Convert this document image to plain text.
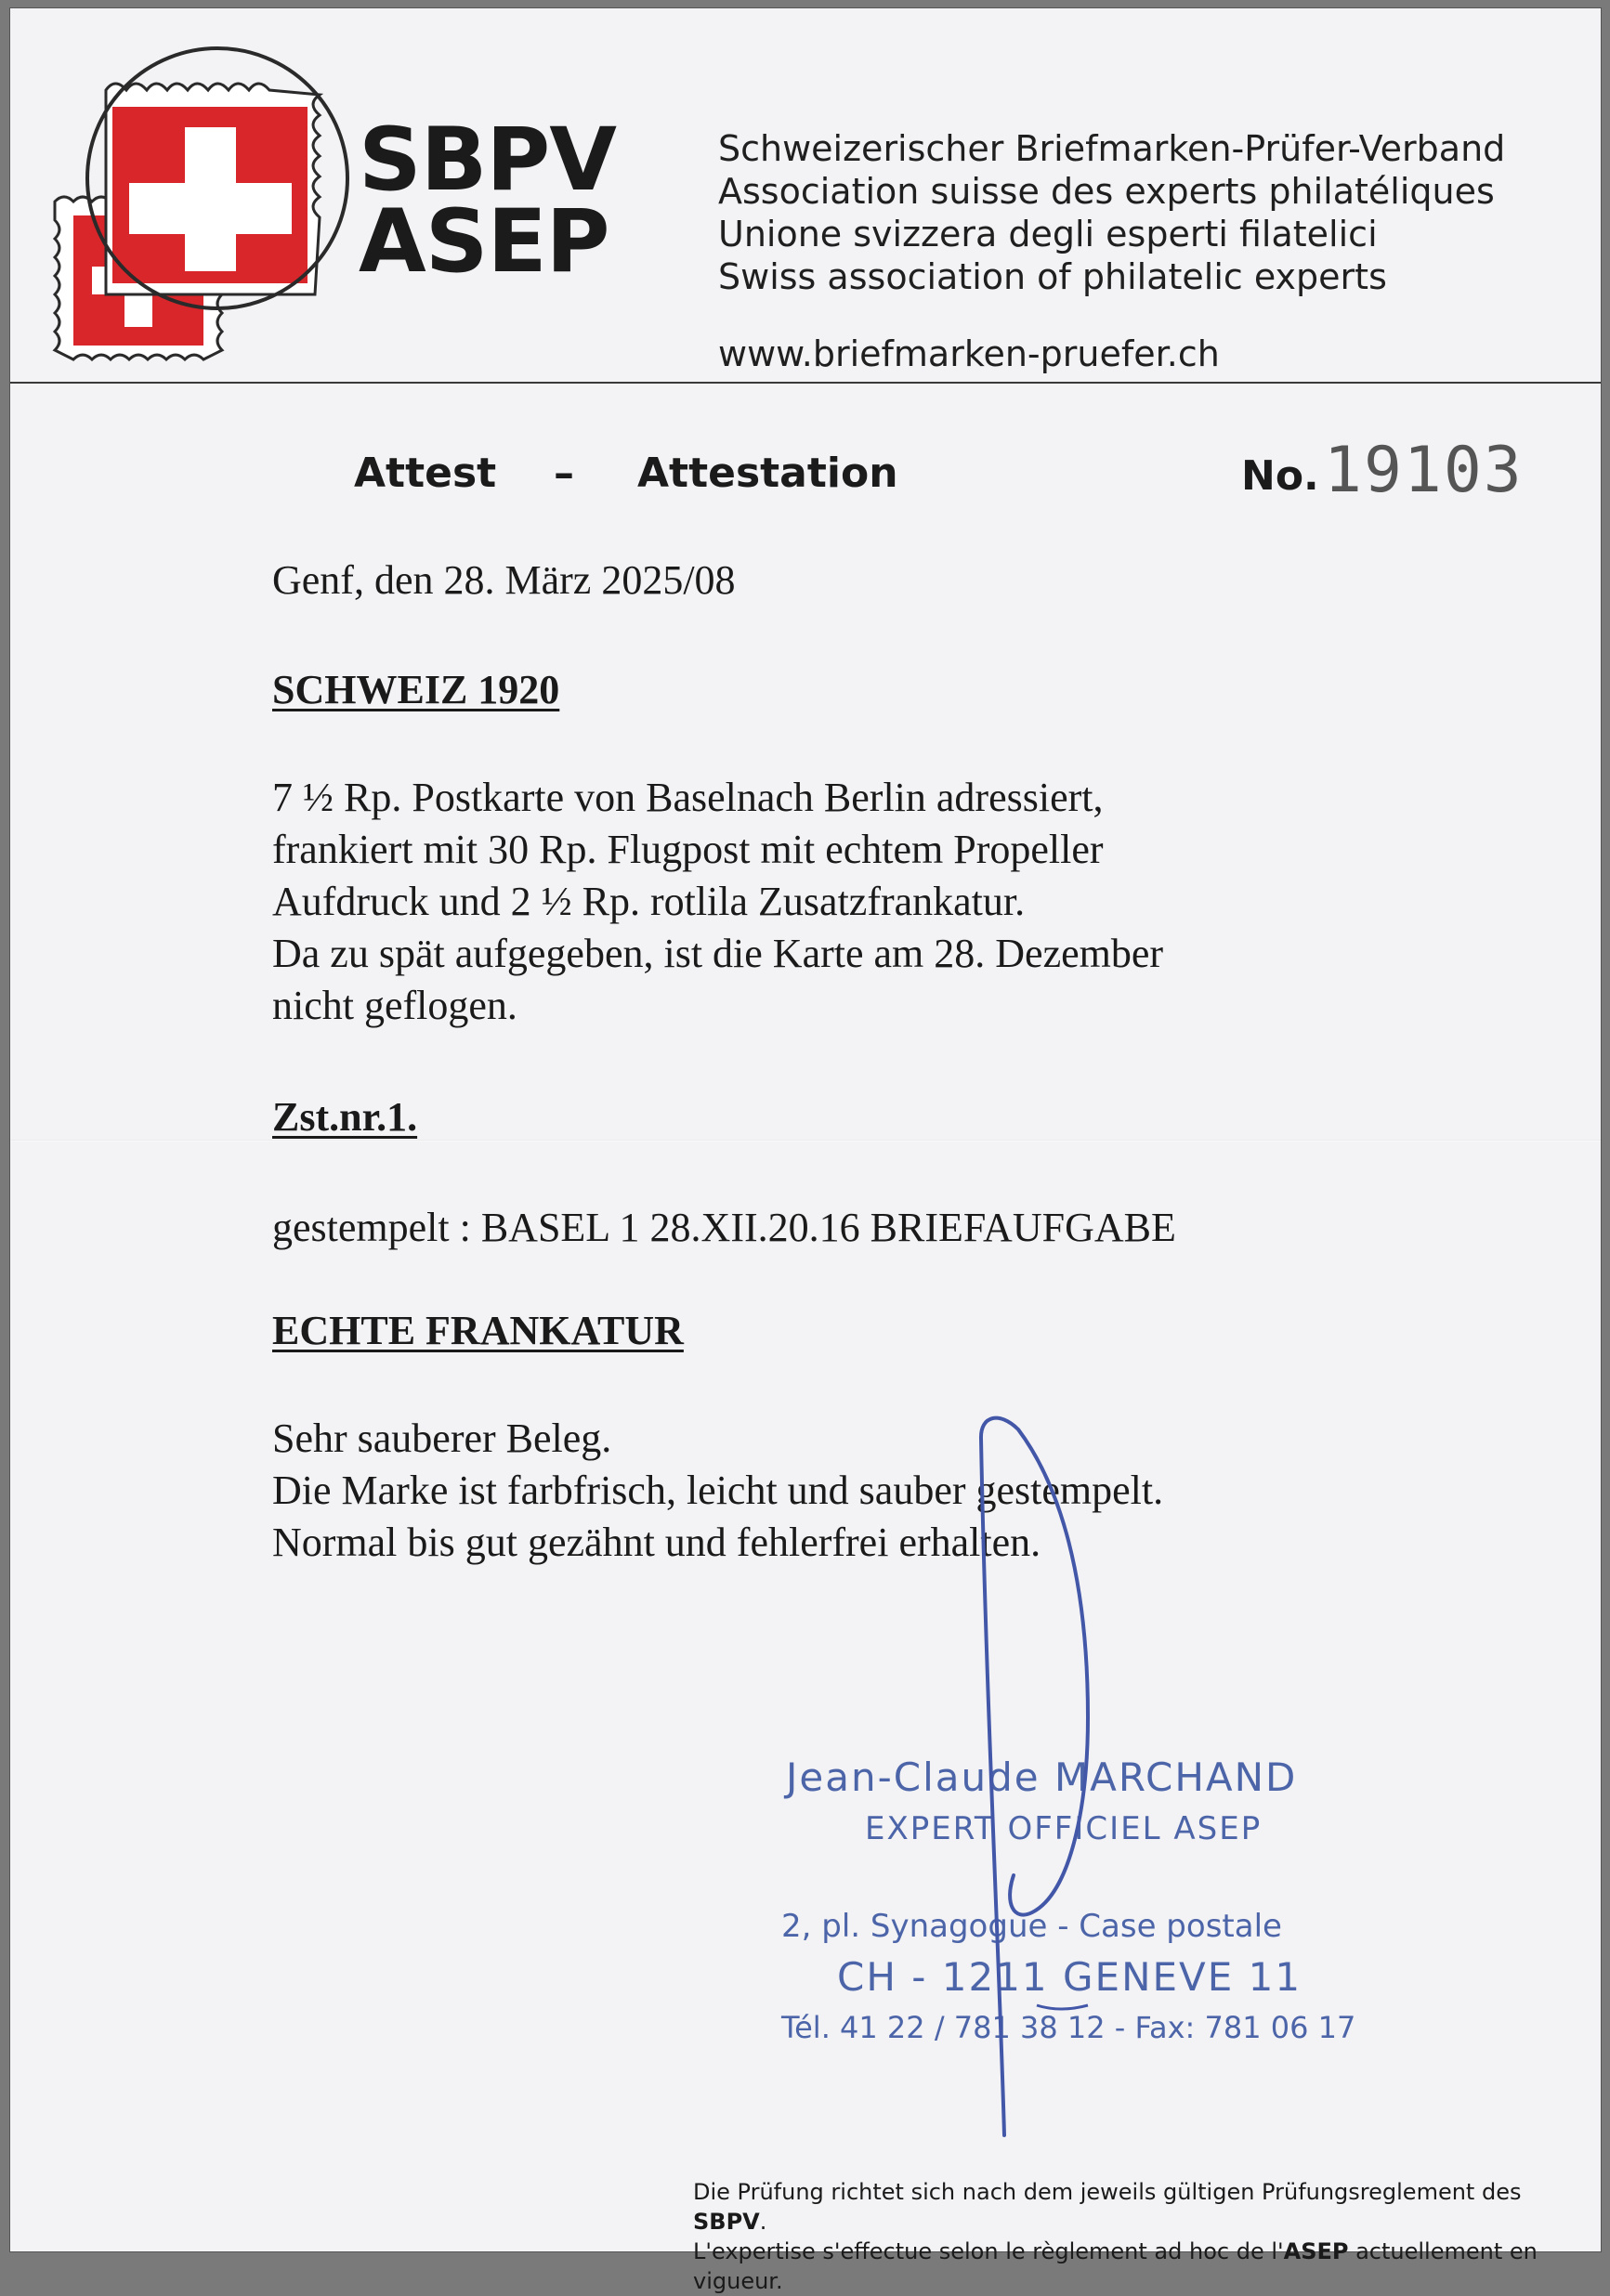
SBPV
ASEP
Schweizerischer Briefmarken-Prüfer-Verband
Association suisse des experts philatéliques
Unione svizzera degli esperti filatelici
Swiss association of philatelic experts
www.briefmarken-pruefer.ch
Attest – Attestation	No. 19103
Genf, den 28. März 2025/08
SCHWEIZ 1920
7 ½ Rp. Postkarte von Baselnach Berlin adressiert,
frankiert mit 30 Rp. Flugpost mit echtem Propeller
Aufdruck und 2 ½ Rp. rotlila Zusatzfrankatur.
Da zu spät aufgegeben, ist die Karte am 28. Dezember
nicht geflogen.
Zst.nr.1.
gestempelt : BASEL 1 28.XII.20.16 BRIEFAUFGABE
ECHTE FRANKATUR
Sehr sauberer Beleg.
Die Marke ist farbfrisch, leicht und sauber gestempelt.
Normal bis gut gezähnt und fehlerfrei erhalten.
Jean-Claude MARCHAND
EXPERT OFFICIEL ASEP
2, pl. Synagogue - Case postale
CH - 1211 GENEVE 11
Tél. 41 22 / 781 38 12 - Fax: 781 06 17
Die Prüfung richtet sich nach dem jeweils gültigen Prüfungsreglement des SBPV.
L'expertise s'effectue selon le règlement ad hoc de l'ASEP actuellement en vigueur.
